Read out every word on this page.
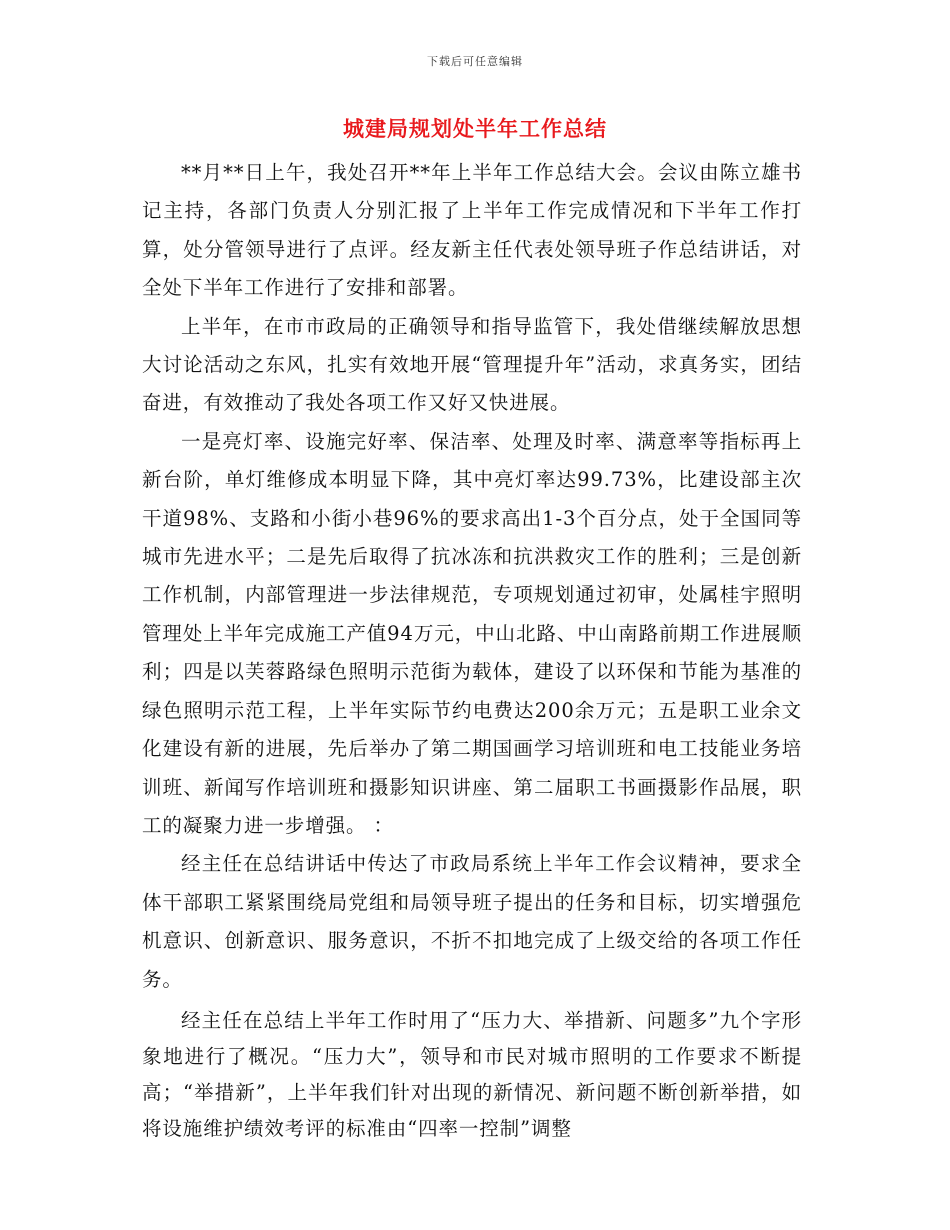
下载后可任意编辑
城建局规划处半年工作总结

**月**日上午，我处召开**年上半年工作总结大会。会议由陈立雄书记主持，各部门负责人分别汇报了上半年工作完成情况和下半年工作打算，处分管领导进行了点评。经友新主任代表处领导班子作总结讲话，对全处下半年工作进行了安排和部署。

上半年，在市市政局的正确领导和指导监管下，我处借继续解放思想大讨论活动之东风，扎实有效地开展“管理提升年”活动，求真务实，团结奋进，有效推动了我处各项工作又好又快进展。

一是亮灯率、设施完好率、保洁率、处理及时率、满意率等指标再上新台阶，单灯维修成本明显下降，其中亮灯率达99.73%，比建设部主次干道98%、支路和小街小巷96%的要求高出1-3个百分点，处于全国同等城市先进水平；二是先后取得了抗冰冻和抗洪救灾工作的胜利；三是创新工作机制，内部管理进一步法律规范，专项规划通过初审，处属桂宇照明管理处上半年完成施工产值94万元，中山北路、中山南路前期工作进展顺利；四是以芙蓉路绿色照明示范街为载体，建设了以环保和节能为基准的绿色照明示范工程，上半年实际节约电费达200余万元；五是职工业余文化建设有新的进展，先后举办了第二期国画学习培训班和电工技能业务培训班、新闻写作培训班和摄影知识讲座、第二届职工书画摄影作品展，职工的凝聚力进一步增强。 ：

经主任在总结讲话中传达了市政局系统上半年工作会议精神，要求全体干部职工紧紧围绕局党组和局领导班子提出的任务和目标，切实增强危机意识、创新意识、服务意识，不折不扣地完成了上级交给的各项工作任务。

经主任在总结上半年工作时用了“压力大、举措新、问题多”九个字形象地进行了概况。“压力大”，领导和市民对城市照明的工作要求不断提高；“举措新”，上半年我们针对出现的新情况、新问题不断创新举措，如将设施维护绩效考评的标准由“四率一控制”调整
